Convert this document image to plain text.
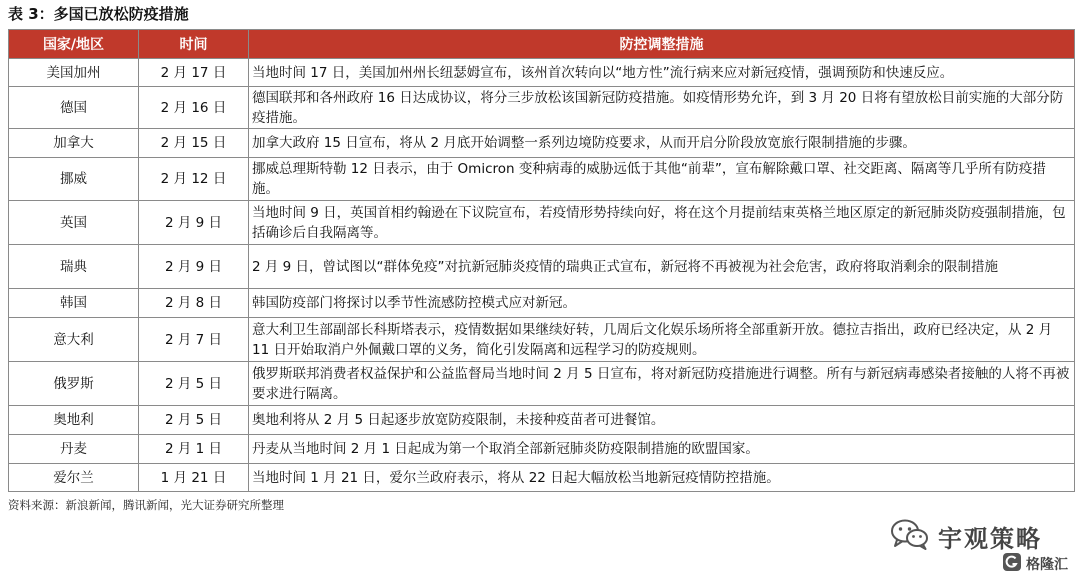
表 3：多国已放松防疫措施
国家/地区	时间	防控调整措施
美国加州	2 月 17 日	当地时间 17 日，美国加州州长纽瑟姆宣布，该州首次转向以“地方性”流行病来应对新冠疫情，强调预防和快速反应。
德国	2 月 16 日	德国联邦和各州政府 16 日达成协议，将分三步放松该国新冠防疫措施。如疫情形势允许，到 3 月 20 日将有望放松目前实施的大部分防疫措施。
加拿大	2 月 15 日	加拿大政府 15 日宣布，将从 2 月底开始调整一系列边境防疫要求，从而开启分阶段放宽旅行限制措施的步骤。
挪威	2 月 12 日	挪威总理斯特勒 12 日表示，由于 Omicron 变种病毒的威胁远低于其他“前辈”，宣布解除戴口罩、社交距离、隔离等几乎所有防疫措施。
英国	2 月 9 日	当地时间 9 日，英国首相约翰逊在下议院宣布，若疫情形势持续向好，将在这个月提前结束英格兰地区原定的新冠肺炎防疫强制措施，包括确诊后自我隔离等。
瑞典	2 月 9 日	2 月 9 日，曾试图以“群体免疫”对抗新冠肺炎疫情的瑞典正式宣布，新冠将不再被视为社会危害，政府将取消剩余的限制措施
韩国	2 月 8 日	韩国防疫部门将探讨以季节性流感防控模式应对新冠。
意大利	2 月 7 日	意大利卫生部副部长科斯塔表示，疫情数据如果继续好转，几周后文化娱乐场所将全部重新开放。德拉吉指出，政府已经决定，从 2 月 11 日开始取消户外佩戴口罩的义务，简化引发隔离和远程学习的防疫规则。
俄罗斯	2 月 5 日	俄罗斯联邦消费者权益保护和公益监督局当地时间 2 月 5 日宣布，将对新冠防疫措施进行调整。所有与新冠病毒感染者接触的人将不再被要求进行隔离。
奥地利	2 月 5 日	奥地利将从 2 月 5 日起逐步放宽防疫限制，未接种疫苗者可进餐馆。
丹麦	2 月 1 日	丹麦从当地时间 2 月 1 日起成为第一个取消全部新冠肺炎防疫限制措施的欧盟国家。
爱尔兰	1 月 21 日	当地时间 1 月 21 日，爱尔兰政府表示，将从 22 日起大幅放松当地新冠疫情防控措施。
资料来源：新浪新闻，腾讯新闻，光大证券研究所整理
宇观策略
格隆汇
